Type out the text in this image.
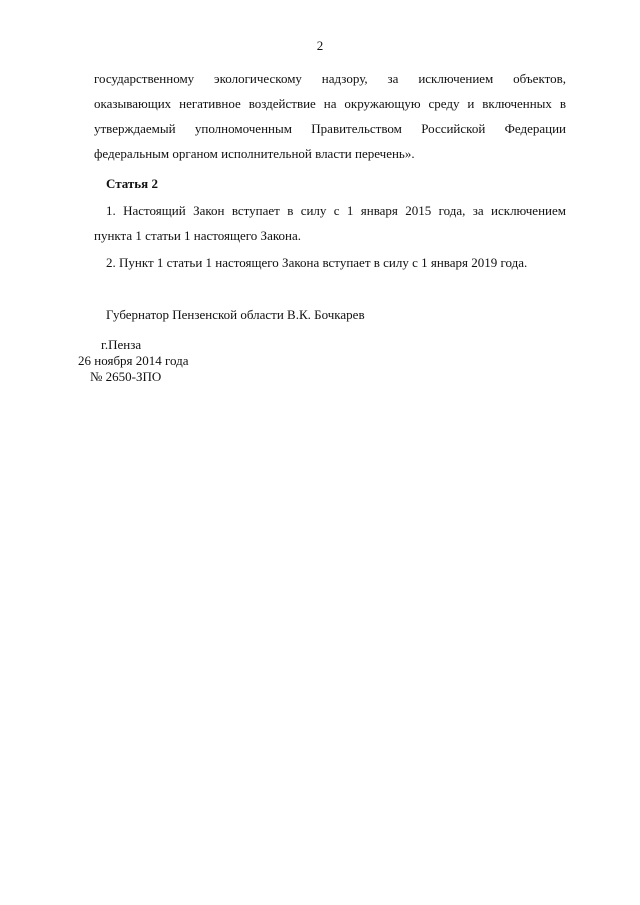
2
государственному экологическому надзору, за исключением объектов,
оказывающих негативное воздействие на окружающую среду и включенных в
утверждаемый уполномоченным Правительством Российской Федерации
федеральным органом исполнительной власти перечень».
Статья 2
1. Настоящий Закон вступает в силу с 1 января 2015 года, за исключением
пункта 1 статьи 1 настоящего Закона.
2. Пункт 1 статьи 1 настоящего Закона вступает в силу с 1 января 2019 года.
Губернатор Пензенской области В.К. Бочкарев
г.Пенза
26 ноября 2014 года
№ 2650-ЗПО
